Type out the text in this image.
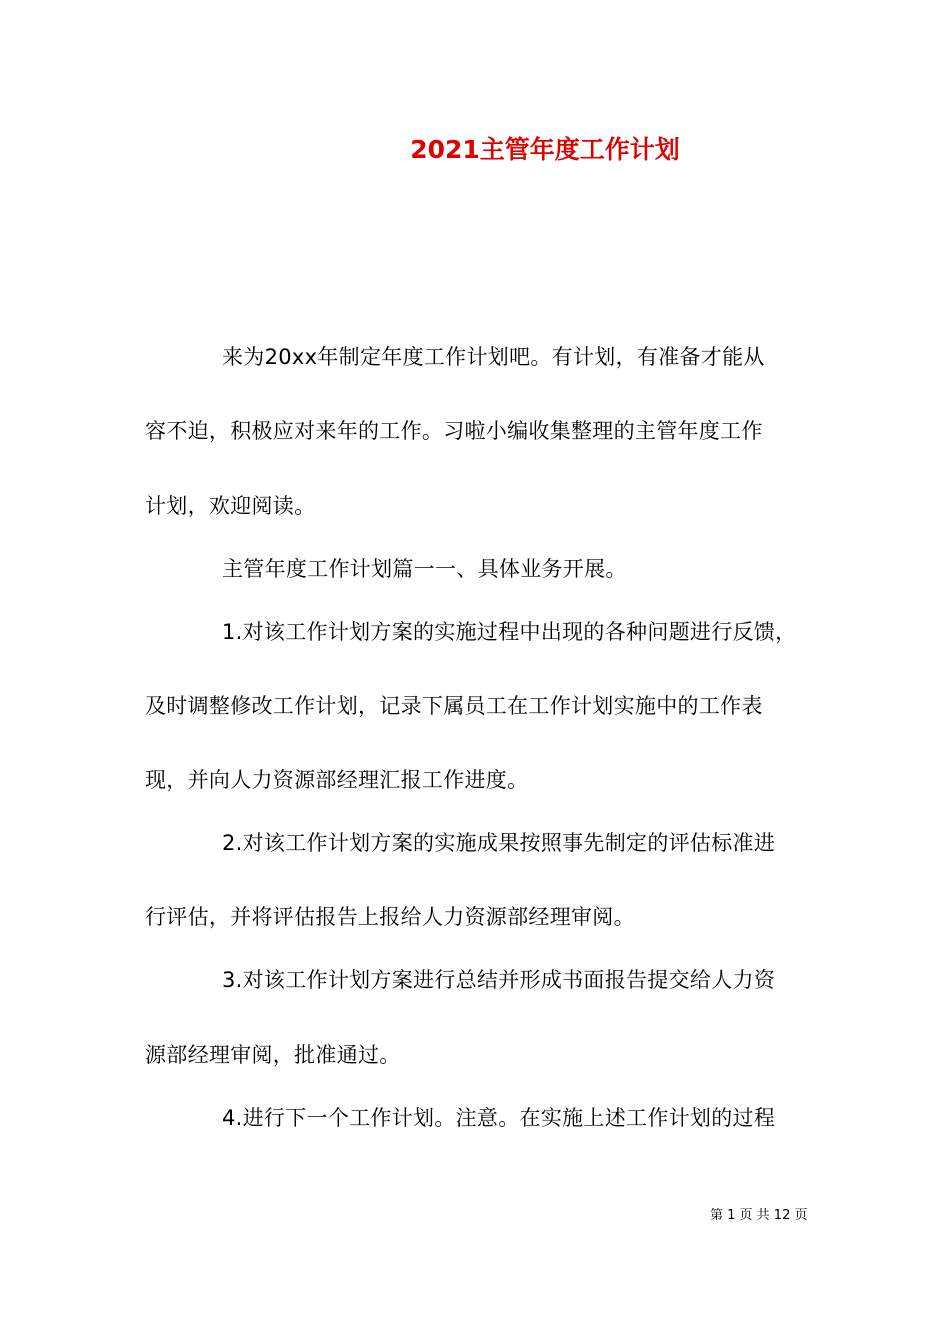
2021主管年度工作计划
来为20xx年制定年度工作计划吧。有计划，有准备才能从
容不迫，积极应对来年的工作。习啦小编收集整理的主管年度工作
计划，欢迎阅读。
主管年度工作计划篇一一、具体业务开展。
1.对该工作计划方案的实施过程中出现的各种问题进行反馈，
及时调整修改工作计划，记录下属员工在工作计划实施中的工作表
现，并向人力资源部经理汇报工作进度。
2.对该工作计划方案的实施成果按照事先制定的评估标准进
行评估，并将评估报告上报给人力资源部经理审阅。
3.对该工作计划方案进行总结并形成书面报告提交给人力资
源部经理审阅，批准通过。
4.进行下一个工作计划。注意。在实施上述工作计划的过程
第 1 页 共 12 页
